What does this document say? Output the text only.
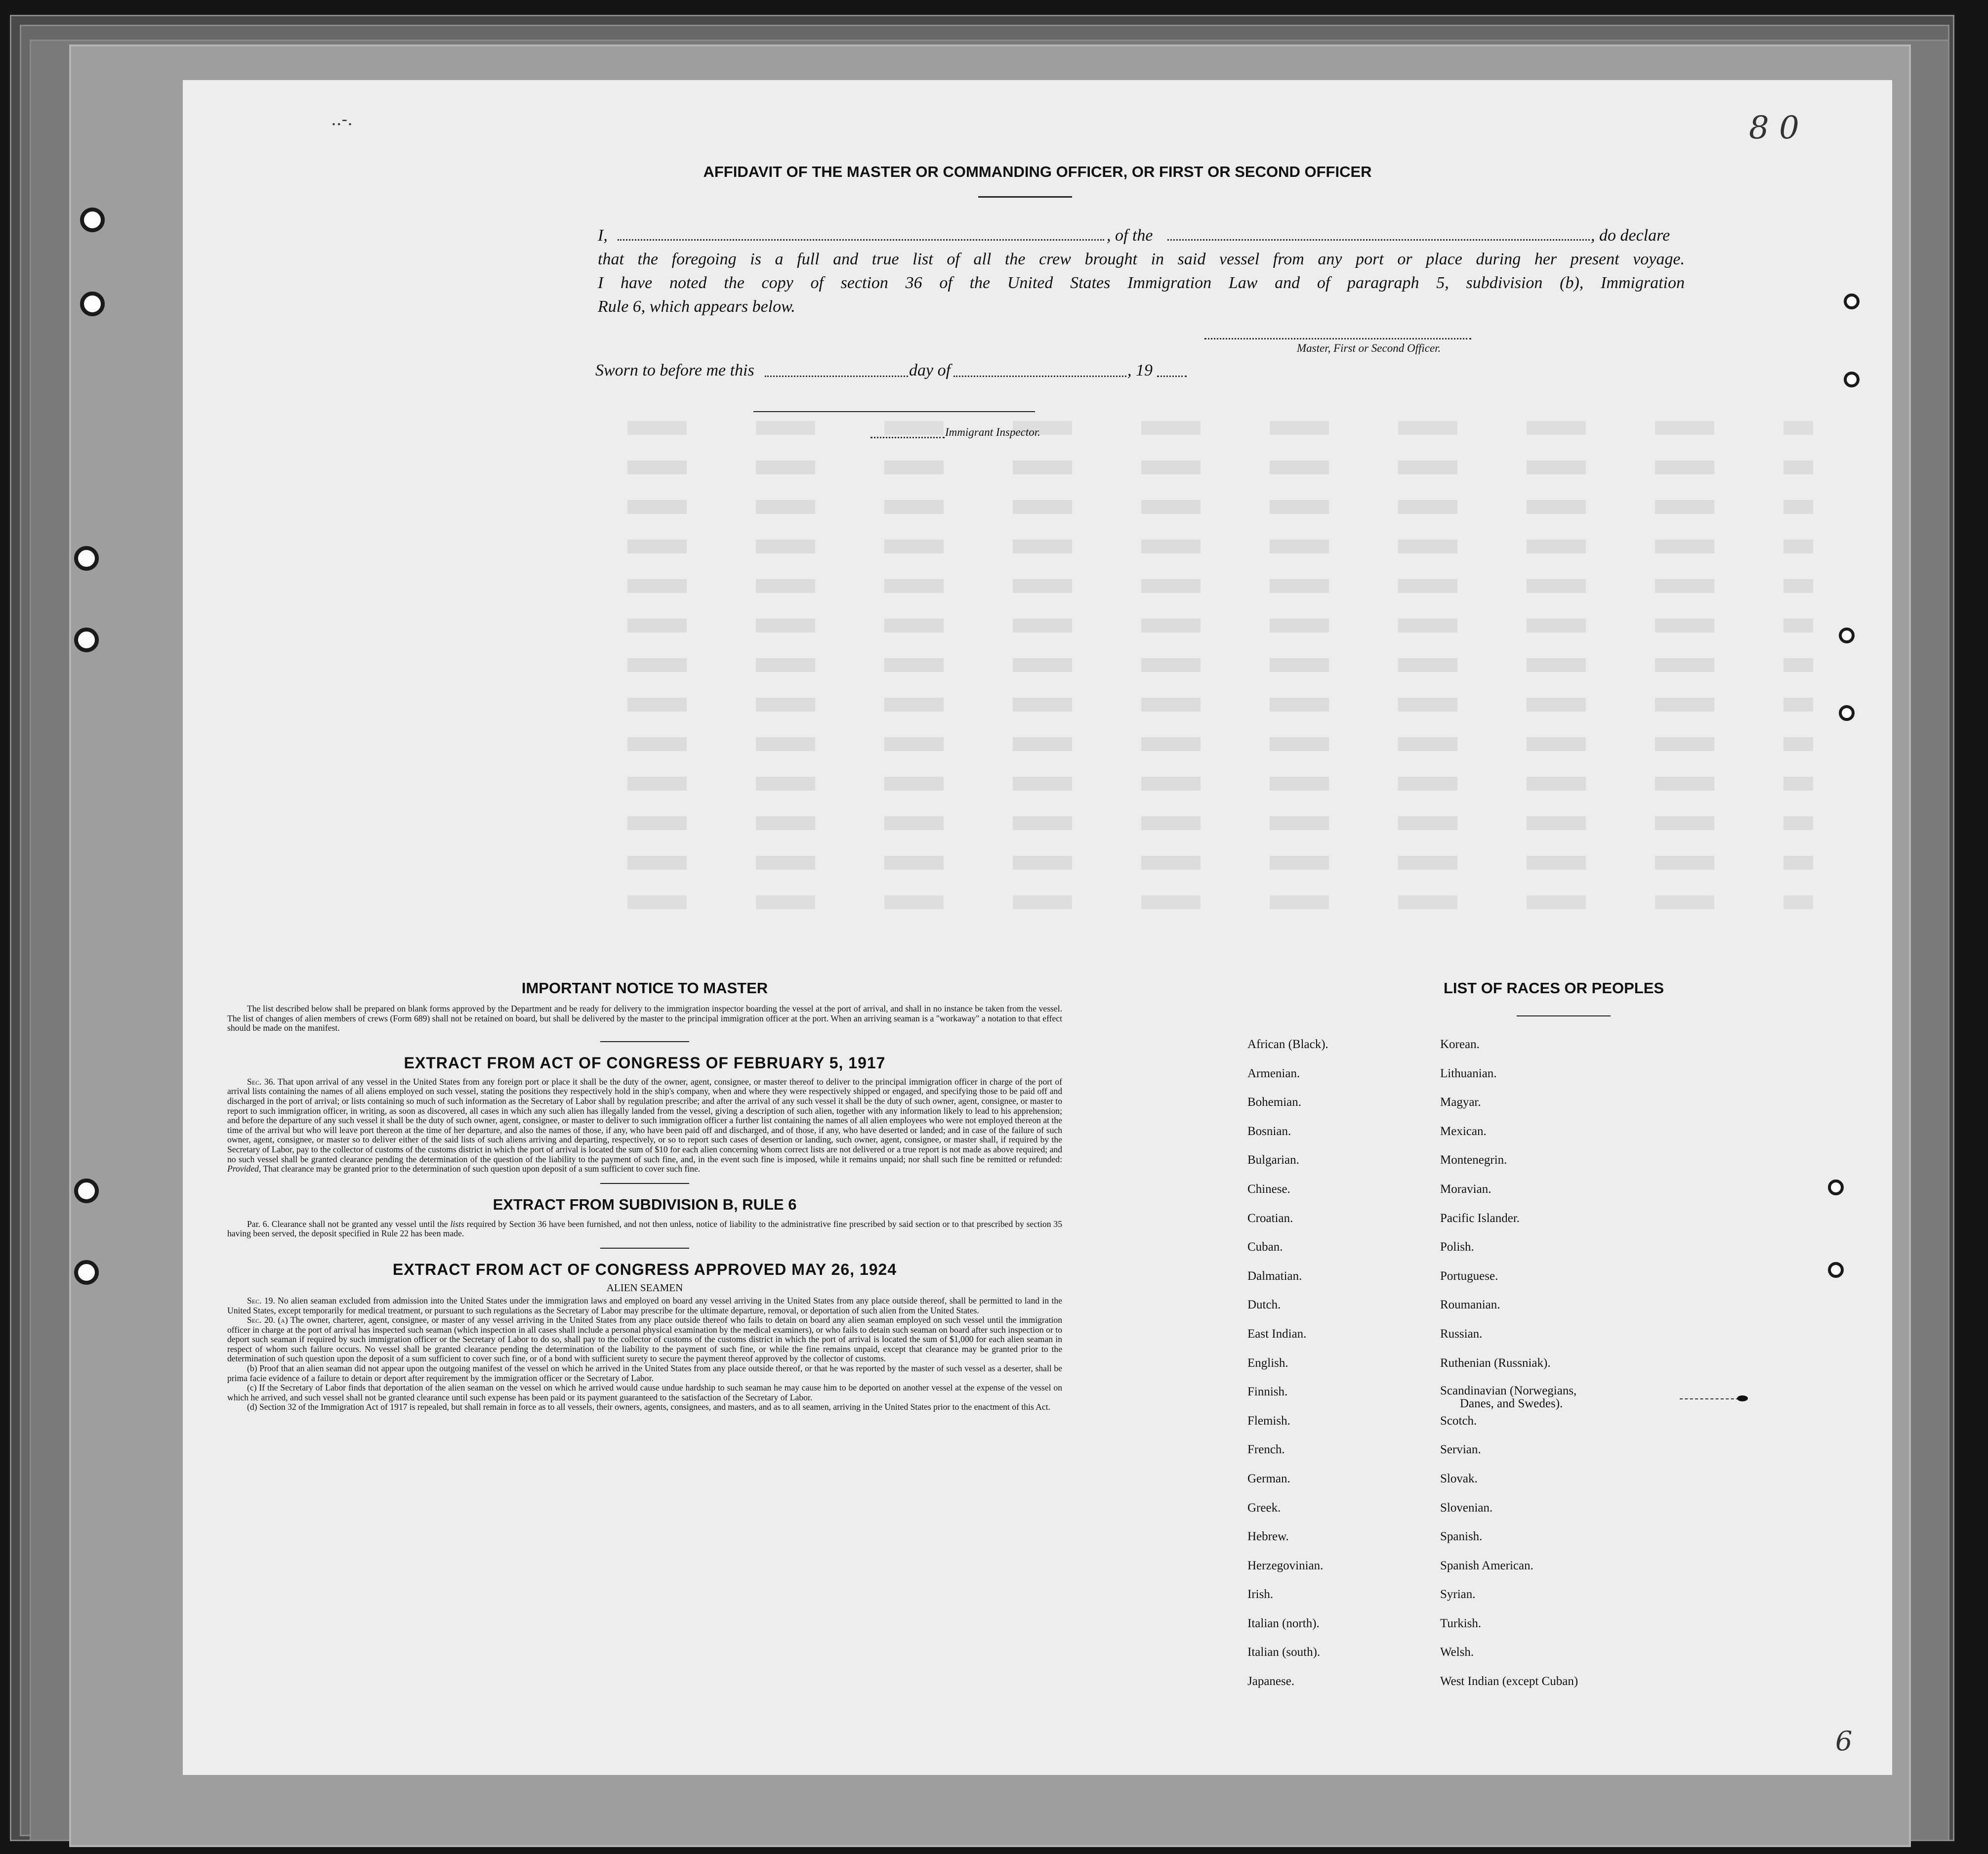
..-.	8 0
6
AFFIDAVIT OF THE MASTER OR COMMANDING OFFICER, OR FIRST OR SECOND OFFICER
I,	, of the	, do declare
that the foregoing is a full and true list of all the crew brought in said vessel from any port or place during her present voyage.
I have noted the copy of section 36 of the United States Immigration Law and of paragraph 5, subdivision (b), Immigration
Rule 6, which appears below.
Master, First or Second Officer.
Sworn to before me this	day of	, 19
Immigrant Inspector.

IMPORTANT NOTICE TO MASTER

The list described below shall be prepared on blank forms approved by the Department and be ready for delivery to the immigration inspector boarding the vessel at the port of arrival, and shall in no instance be taken from the vessel. The list of changes of alien members of crews (Form 689) shall not be retained on board, but shall be delivered by the master to the principal immigration officer at the port. When an arriving seaman is a "workaway" a notation to that effect should be made on the manifest.

EXTRACT FROM ACT OF CONGRESS OF FEBRUARY 5, 1917

Sec. 36. That upon arrival of any vessel in the United States from any foreign port or place it shall be the duty of the owner, agent, consignee, or master thereof to deliver to the principal immigration officer in charge of the port of arrival lists containing the names of all aliens employed on such vessel, stating the positions they respectively hold in the ship's company, when and where they were respectively shipped or engaged, and specifying those to be paid off and discharged in the port of arrival; or lists containing so much of such information as the Secretary of Labor shall by regulation prescribe; and after the arrival of any such vessel it shall be the duty of such owner, agent, consignee, or master to report to such immigration officer, in writing, as soon as discovered, all cases in which any such alien has illegally landed from the vessel, giving a description of such alien, together with any information likely to lead to his apprehension; and before the departure of any such vessel it shall be the duty of such owner, agent, consignee, or master to deliver to such immigration officer a further list containing the names of all alien employees who were not employed thereon at the time of the arrival but who will leave port thereon at the time of her departure, and also the names of those, if any, who have been paid off and discharged, and of those, if any, who have deserted or landed; and in case of the failure of such owner, agent, consignee, or master so to deliver either of the said lists of such aliens arriving and departing, respectively, or so to report such cases of desertion or landing, such owner, agent, consignee, or master shall, if required by the Secretary of Labor, pay to the collector of customs of the customs district in which the port of arrival is located the sum of $10 for each alien concerning whom correct lists are not delivered or a true report is not made as above required; and no such vessel shall be granted clearance pending the determination of the question of the liability to the payment of such fine, and, in the event such fine is imposed, while it remains unpaid; nor shall such fine be remitted or refunded: Provided, That clearance may be granted prior to the determination of such question upon deposit of a sum sufficient to cover such fine.

EXTRACT FROM SUBDIVISION B, RULE 6

Par. 6. Clearance shall not be granted any vessel until the lists required by Section 36 have been furnished, and not then unless, notice of liability to the administrative fine prescribed by said section or to that prescribed by section 35 having been served, the deposit specified in Rule 22 has been made.

EXTRACT FROM ACT OF CONGRESS APPROVED MAY 26, 1924

ALIEN SEAMEN

Sec. 19. No alien seaman excluded from admission into the United States under the immigration laws and employed on board any vessel arriving in the United States from any place outside thereof, shall be permitted to land in the United States, except temporarily for medical treatment, or pursuant to such regulations as the Secretary of Labor may prescribe for the ultimate departure, removal, or deportation of such alien from the United States.

Sec. 20. (a) The owner, charterer, agent, consignee, or master of any vessel arriving in the United States from any place outside thereof who fails to detain on board any alien seaman employed on such vessel until the immigration officer in charge at the port of arrival has inspected such seaman (which inspection in all cases shall include a personal physical examination by the medical examiners), or who fails to detain such seaman on board after such inspection or to deport such seaman if required by such immigration officer or the Secretary of Labor to do so, shall pay to the collector of customs of the customs district in which the port of arrival is located the sum of $1,000 for each alien seaman in respect of whom such failure occurs. No vessel shall be granted clearance pending the determination of the liability to the payment of such fine, or while the fine remains unpaid, except that clearance may be granted prior to the determination of such question upon the deposit of a sum sufficient to cover such fine, or of a bond with sufficient surety to secure the payment thereof approved by the collector of customs.

(b) Proof that an alien seaman did not appear upon the outgoing manifest of the vessel on which he arrived in the United States from any place outside thereof, or that he was reported by the master of such vessel as a deserter, shall be prima facie evidence of a failure to detain or deport after requirement by the immigration officer or the Secretary of Labor.

(c) If the Secretary of Labor finds that deportation of the alien seaman on the vessel on which he arrived would cause undue hardship to such seaman he may cause him to be deported on another vessel at the expense of the vessel on which he arrived, and such vessel shall not be granted clearance until such expense has been paid or its payment guaranteed to the satisfaction of the Secretary of Labor.

(d) Section 32 of the Immigration Act of 1917 is repealed, but shall remain in force as to all vessels, their owners, agents, consignees, and masters, and as to all seamen, arriving in the United States prior to the enactment of this Act.

LIST OF RACES OR PEOPLES
African (Black).
Armenian.
Bohemian.
Bosnian.
Bulgarian.
Chinese.
Croatian.
Cuban.
Dalmatian.
Dutch.
East Indian.
English.
Finnish.
Flemish.
French.
German.
Greek.
Hebrew.
Herzegovinian.
Irish.
Italian (north).
Italian (south).
Japanese.
Korean.
Lithuanian.
Magyar.
Mexican.
Montenegrin.
Moravian.
Pacific Islander.
Polish.
Portuguese.
Roumanian.
Russian.
Ruthenian (Russniak).
Scandinavian (Norwegians,
Danes, and Swedes).
Scotch.
Servian.
Slovak.
Slovenian.
Spanish.
Spanish American.
Syrian.
Turkish.
Welsh.
West Indian (except Cuban)
